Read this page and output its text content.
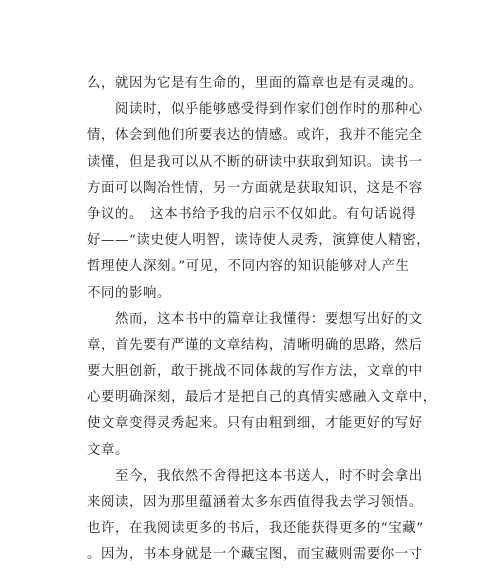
么，就因为它是有生命的，里面的篇章也是有灵魂的。
　　阅读时，似乎能够感受得到作家们创作时的那种心
情，体会到他们所要表达的情感。或许，我并不能完全
读懂，但是我可以从不断的研读中获取到知识。读书一
方面可以陶冶性情，另一方面就是获取知识，这是不容
争议的。　这本书给予我的启示不仅如此。有句话说得
好——“读史使人明智，读诗使人灵秀，演算使人精密，
哲理使人深刻。”可见，不同内容的知识能够对人产生
不同的影响。
　　然而，这本书中的篇章让我懂得：要想写出好的文
章，首先要有严谨的文章结构，清晰明确的思路，然后
要大胆创新，敢于挑战不同体裁的写作方法，文章的中
心要明确深刻，最后才是把自己的真情实感融入文章中，
使文章变得灵秀起来。只有由粗到细，才能更好的写好
文章。
　　至今，我依然不舍得把这本书送人，时不时会拿出
来阅读，因为那里蕴涵着太多东西值得我去学习领悟。
也许，在我阅读更多的书后，我还能获得更多的“宝藏”
。因为，书本身就是一个藏宝图，而宝藏则需要你一寸
